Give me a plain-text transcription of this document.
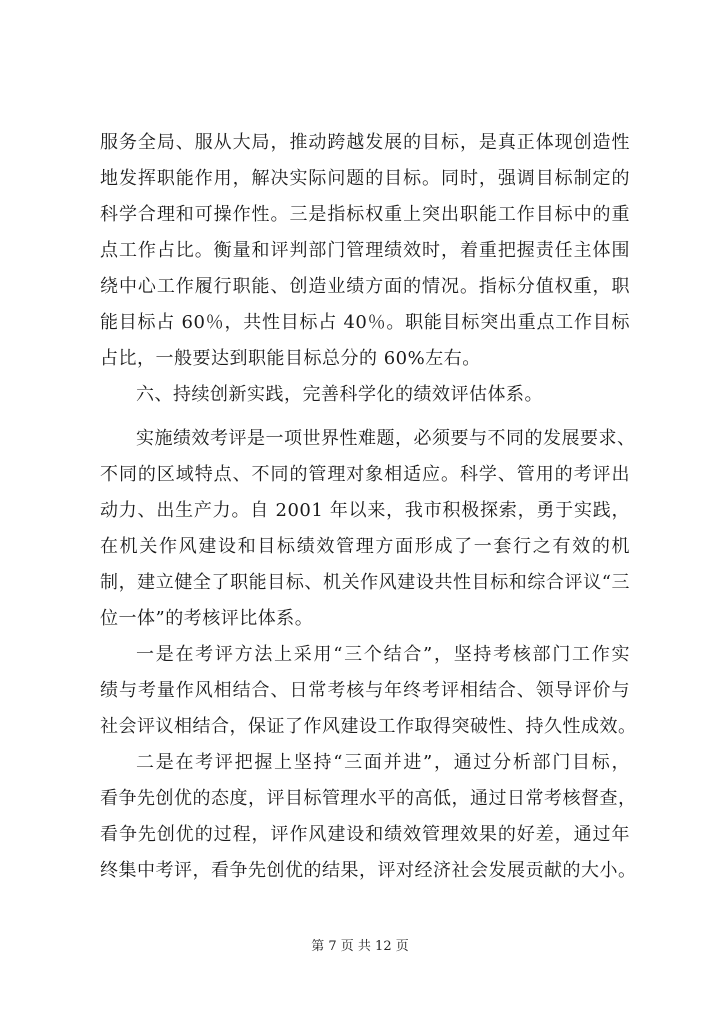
服务全局、服从大局，推动跨越发展的目标，是真正体现创造性
地发挥职能作用，解决实际问题的目标。同时，强调目标制定的
科学合理和可操作性。三是指标权重上突出职能工作目标中的重
点工作占比。衡量和评判部门管理绩效时，着重把握责任主体围
绕中心工作履行职能、创造业绩方面的情况。指标分值权重，职
能目标占 60％，共性目标占 40％。职能目标突出重点工作目标
占比，一般要达到职能目标总分的 60%左右。
六、持续创新实践，完善科学化的绩效评估体系。
实施绩效考评是一项世界性难题，必须要与不同的发展要求、
不同的区域特点、不同的管理对象相适应。科学、管用的考评出
动力、出生产力。自 2001 年以来，我市积极探索，勇于实践，
在机关作风建设和目标绩效管理方面形成了一套行之有效的机
制，建立健全了职能目标、机关作风建设共性目标和综合评议“三
位一体”的考核评比体系。
一是在考评方法上采用“三个结合”，坚持考核部门工作实
绩与考量作风相结合、日常考核与年终考评相结合、领导评价与
社会评议相结合，保证了作风建设工作取得突破性、持久性成效。
二是在考评把握上坚持“三面并进”，通过分析部门目标，
看争先创优的态度，评目标管理水平的高低，通过日常考核督查，
看争先创优的过程，评作风建设和绩效管理效果的好差，通过年
终集中考评，看争先创优的结果，评对经济社会发展贡献的大小。
第 7 页 共 12 页
